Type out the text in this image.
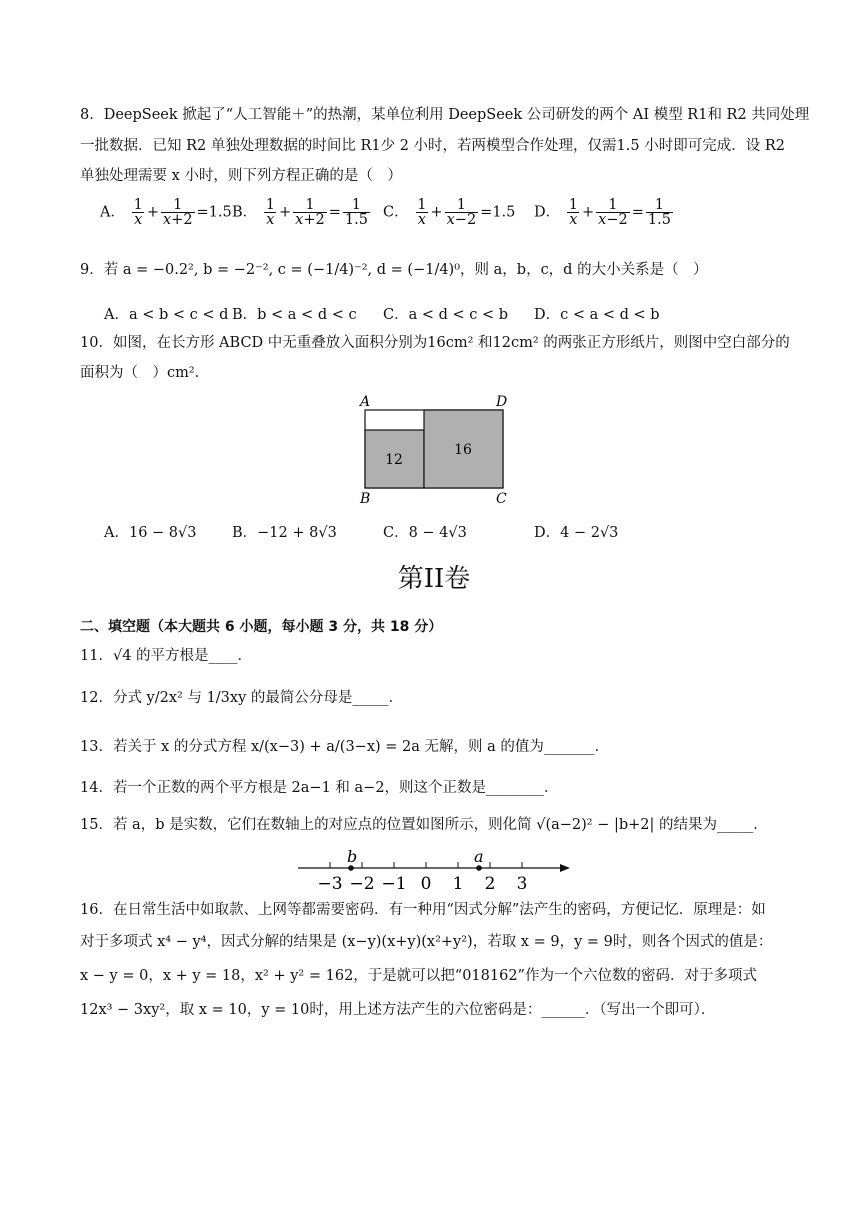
8．DeepSeek 掀起了“人工智能＋”的热潮，某单位利用 DeepSeek 公司研发的两个 AI 模型 R1和 R2 共同处理
一批数据．已知 R2 单独处理数据的时间比 R1少 2 小时，若两模型合作处理，仅需1.5 小时即可完成．设 R2
单独处理需要 x 小时，则下列方程正确的是（　）
A． $\frac{1}{x} + \frac{1}{x+2} =1.5$ B． $\frac{1}{x} + \frac{1}{x+2} = \frac{1}{1.5}$ C． $\frac{1}{x} + \frac{1}{x-2} =1.5$ D． $\frac{1}{x} + \frac{1}{x-2} = \frac{1}{1.5}$
9．若 a = −0.2², b = −2⁻², c = (−1/4)⁻², d = (−1/4)⁰，则 a，b，c，d 的大小关系是（　）
A．a < b < c < d B．b < a < d < c C．a < d < c < b D．c < a < d < b
10．如图，在长方形 ABCD 中无重叠放入面积分别为16cm² 和12cm² 的两张正方形纸片，则图中空白部分的
面积为（　）cm²．
12
16
A	D
B	C
A．16 − 8√3 B．−12 + 8√3	C．8 − 4√3	D．4 − 2√3
第II卷
二、填空题（本大题共 6 小题，每小题 3 分，共 18 分）
11．√4 的平方根是____．
12．分式 y/2x² 与 1/3xy 的最简公分母是_____．
13．若关于 x 的分式方程 x/(x−3) + a/(3−x) = 2a 无解，则 a 的值为_______．
14．若一个正数的两个平方根是 2a−1 和 a−2，则这个正数是________．
15．若 a，b 是实数，它们在数轴上的对应点的位置如图所示，则化简 √(a−2)² − |b+2| 的结果为_____．
−3 −2 −1 0 1 2 3
b	a
16．在日常生活中如取款、上网等都需要密码．有一种用“因式分解”法产生的密码，方便记忆．原理是：如
对于多项式 x⁴ − y⁴，因式分解的结果是 (x−y)(x+y)(x²+y²)，若取 x = 9，y = 9时，则各个因式的值是：
x − y = 0，x + y = 18，x² + y² = 162，于是就可以把“018162”作为一个六位数的密码．对于多项式
12x³ − 3xy²，取 x = 10，y = 10时，用上述方法产生的六位密码是：______．（写出一个即可）．
